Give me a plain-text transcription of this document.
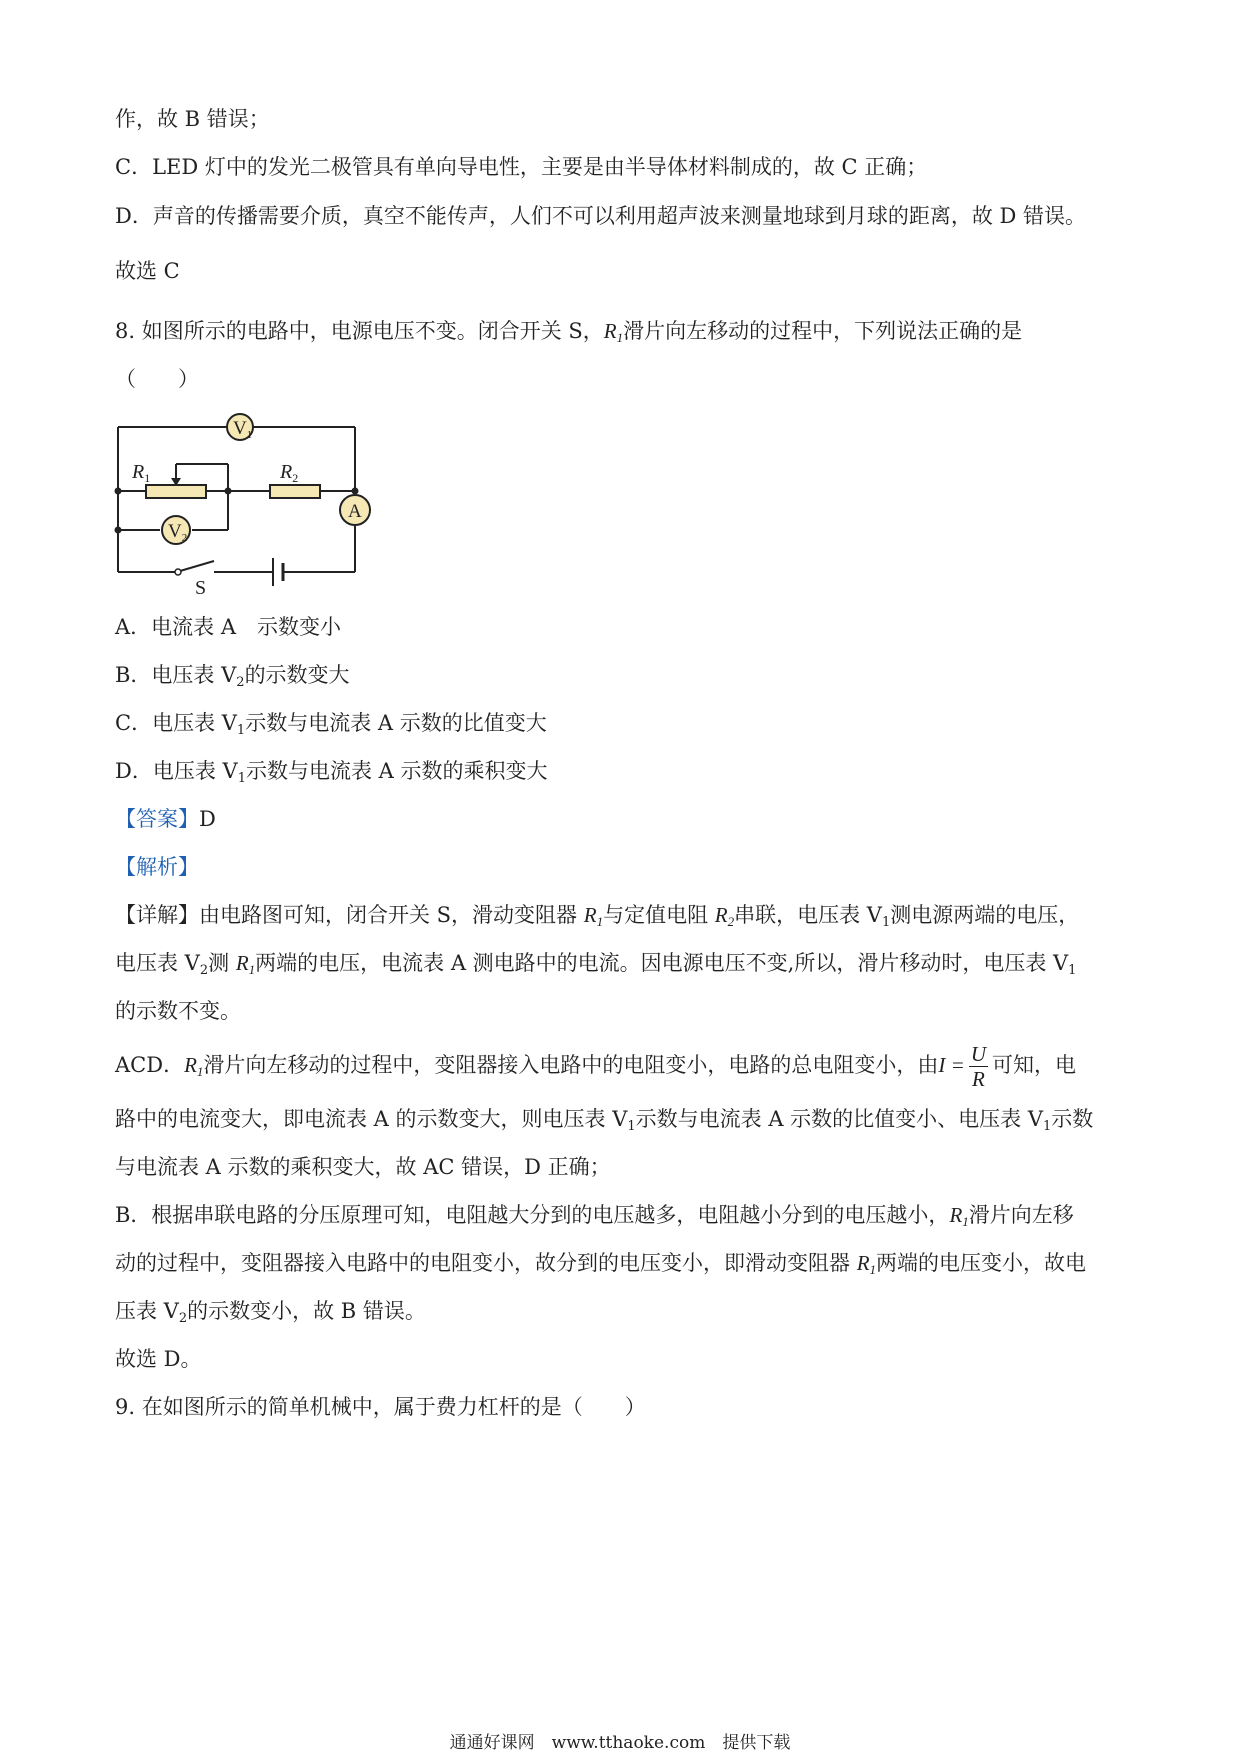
作，故 B 错误；
C．LED 灯中的发光二极管具有单向导电性，主要是由半导体材料制成的，故 C 正确；
D．声音的传播需要介质，真空不能传声，人们不可以利用超声波来测量地球到月球的距离，故 D 错误。
故选 C
8. 如图所示的电路中，电源电压不变。闭合开关 S，$R_1$滑片向左移动的过程中，下列说法正确的是
（　　）
$V_1$
$R_1$	$R_2$
$V_2$
A
S
A．电流表 A　示数变小
B．电压表 $V_2$的示数变大
C．电压表 $V_1$示数与电流表 A 示数的比值变大
D．电压表 $V_1$示数与电流表 A 示数的乘积变大
【答案】D
【解析】
【详解】由电路图可知，闭合开关 S，滑动变阻器 $R_1$与定值电阻 $R_2$串联，电压表 $V_1$测电源两端的电压，
电压表 $V_2$测 $R_1$两端的电压，电流表 A 测电路中的电流。因电源电压不变,所以，滑片移动时，电压表 $V_1$
的示数不变。
ACD．$R_1$滑片向左移动的过程中，变阻器接入电路中的电阻变小，电路的总电阻变小，由$I = \frac{U}{R}$ 可知，电
路中的电流变大，即电流表 A 的示数变大，则电压表 $V_1$示数与电流表 A 示数的比值变小、电压表 $V_1$示数
与电流表 A 示数的乘积变大，故 AC 错误，D 正确；
B．根据串联电路的分压原理可知，电阻越大分到的电压越多，电阻越小分到的电压越小，$R_1$滑片向左移
动的过程中，变阻器接入电路中的电阻变小，故分到的电压变小，即滑动变阻器 $R_1$两端的电压变小，故电
压表 $V_2$的示数变小，故 B 错误。
故选 D。
9. 在如图所示的简单机械中，属于费力杠杆的是（　　）
通通好课网　www.tthaoke.com　提供下载
